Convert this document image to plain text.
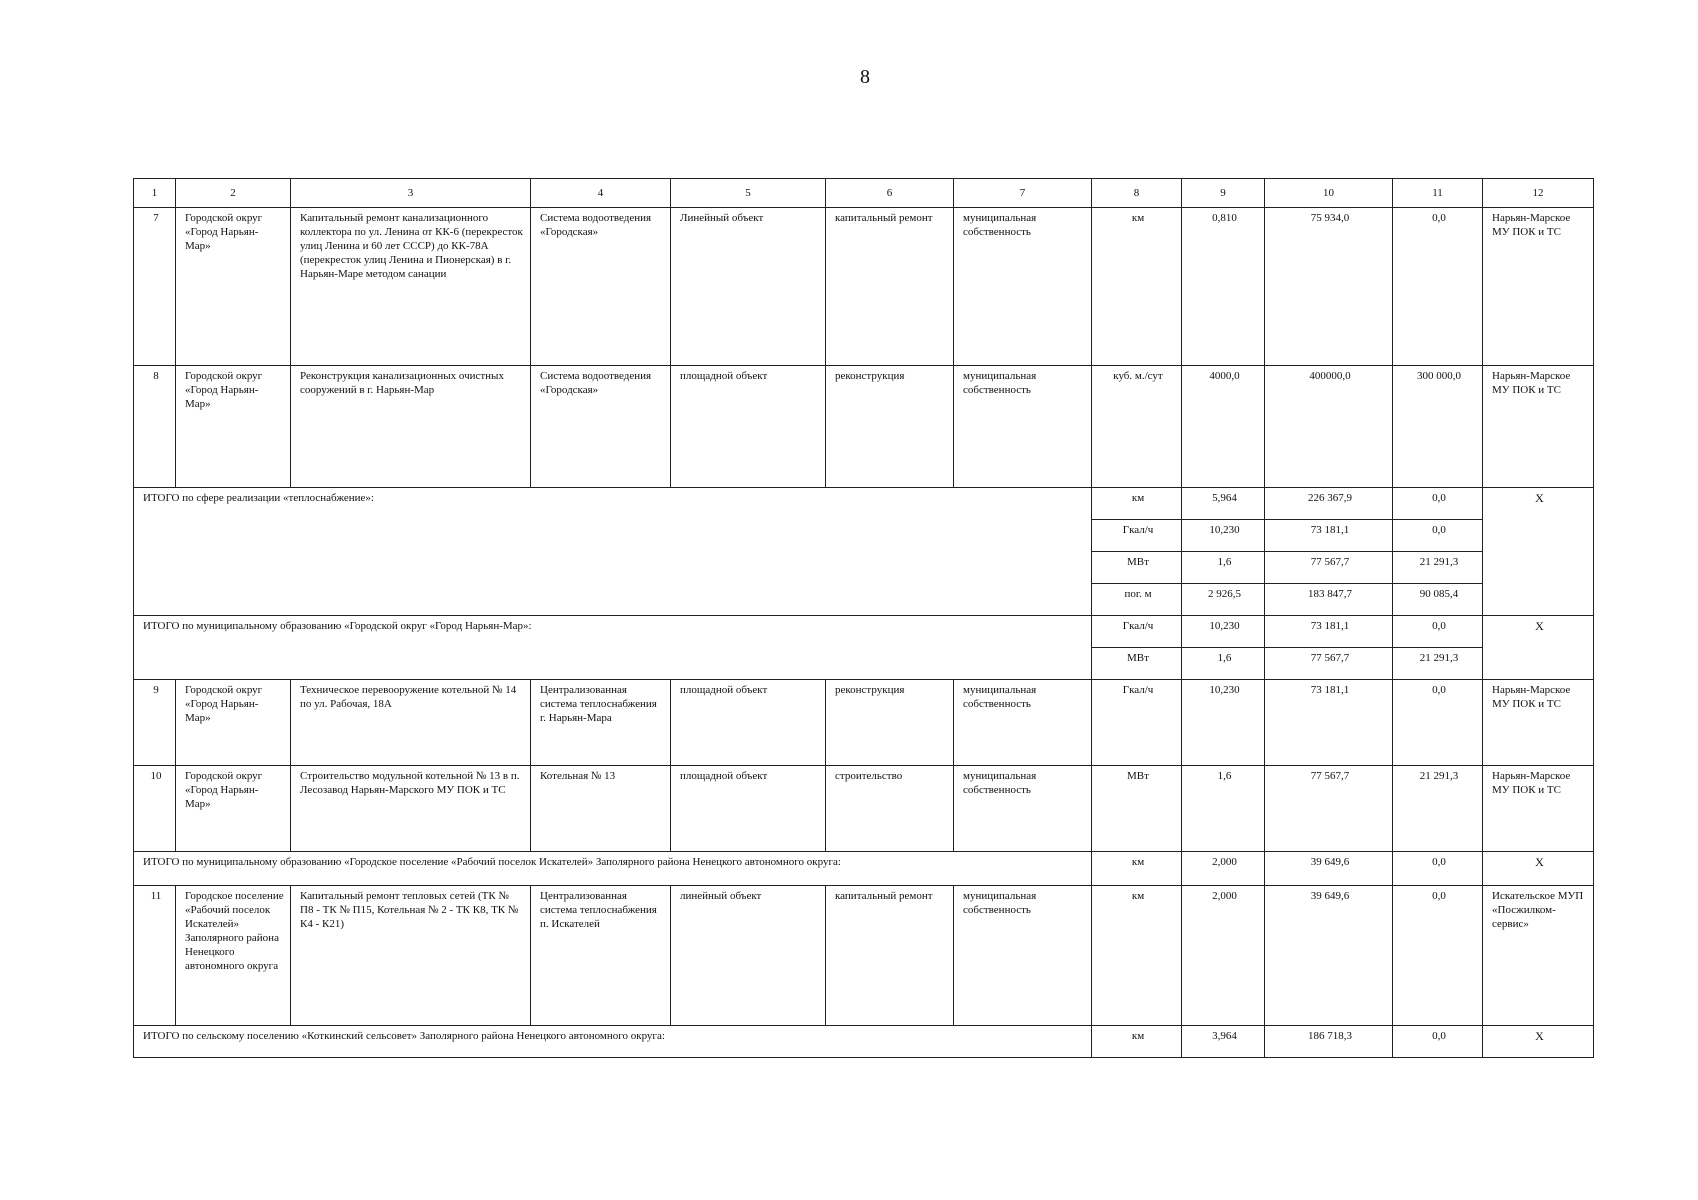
8
1	2	3	4	5	6	7	8	9	10	11	12
7	Городской округ «Город Нарьян-Мар»	Капитальный ремонт канализационного коллектора по ул. Ленина от КК-6 (перекресток улиц Ленина и 60 лет СССР) до КК-78А (перекресток улиц Ленина и Пионерская) в г. Нарьян-Маре методом санации	Система водоотведения «Городская»	Линейный объект	капитальный ремонт	муниципальная собственность	км	0,810	75 934,0	0,0	Нарьян-Марское МУ ПОК и ТС
8	Городской округ «Город Нарьян-Мар»	Реконструкция канализационных очистных сооружений в г. Нарьян-Мар	Система водоотведения «Городская»	площадной объект	реконструкция	муниципальная собственность	куб. м./сут	4000,0	400000,0	300 000,0	Нарьян-Марское МУ ПОК и ТС
ИТОГО по сфере реализации «теплоснабжение»:							км	5,964	226 367,9	0,0	Х
							Гкал/ч	10,230	73 181,1	0,0	
							МВт	1,6	77 567,7	21 291,3	
							пог. м	2 926,5	183 847,7	90 085,4	
ИТОГО по муниципальному образованию «Городской округ «Город Нарьян-Мар»:							Гкал/ч	10,230	73 181,1	0,0	Х
							МВт	1,6	77 567,7	21 291,3	
9	Городской округ «Город Нарьян-Мар»	Техническое перевооружение котельной № 14 по ул. Рабочая, 18А	Централизованная система теплоснабжения г. Нарьян-Мара	площадной объект	реконструкция	муниципальная собственность	Гкал/ч	10,230	73 181,1	0,0	Нарьян-Марское МУ ПОК и ТС
10	Городской округ «Город Нарьян-Мар»	Строительство модульной котельной № 13 в п. Лесозавод Нарьян-Марского МУ ПОК и ТС	Котельная № 13	площадной объект	строительство	муниципальная собственность	МВт	1,6	77 567,7	21 291,3	Нарьян-Марское МУ ПОК и ТС
ИТОГО по муниципальному образованию «Городское поселение «Рабочий поселок Искателей» Заполярного района Ненецкого автономного округа:							км	2,000	39 649,6	0,0	Х
11	Городское поселение «Рабочий поселок Искателей» Заполярного района Ненецкого автономного округа	Капитальный ремонт тепловых сетей (ТК № П8 - ТК № П15, Котельная № 2 - ТК К8, ТК № К4 - К21)	Централизованная система теплоснабжения п. Искателей	линейный объект	капитальный ремонт	муниципальная собственность	км	2,000	39 649,6	0,0	Искательское МУП «Посжилком-сервис»
ИТОГО по сельскому поселению «Коткинский сельсовет» Заполярного района Ненецкого автономного округа:							км	3,964	186 718,3	0,0	Х
